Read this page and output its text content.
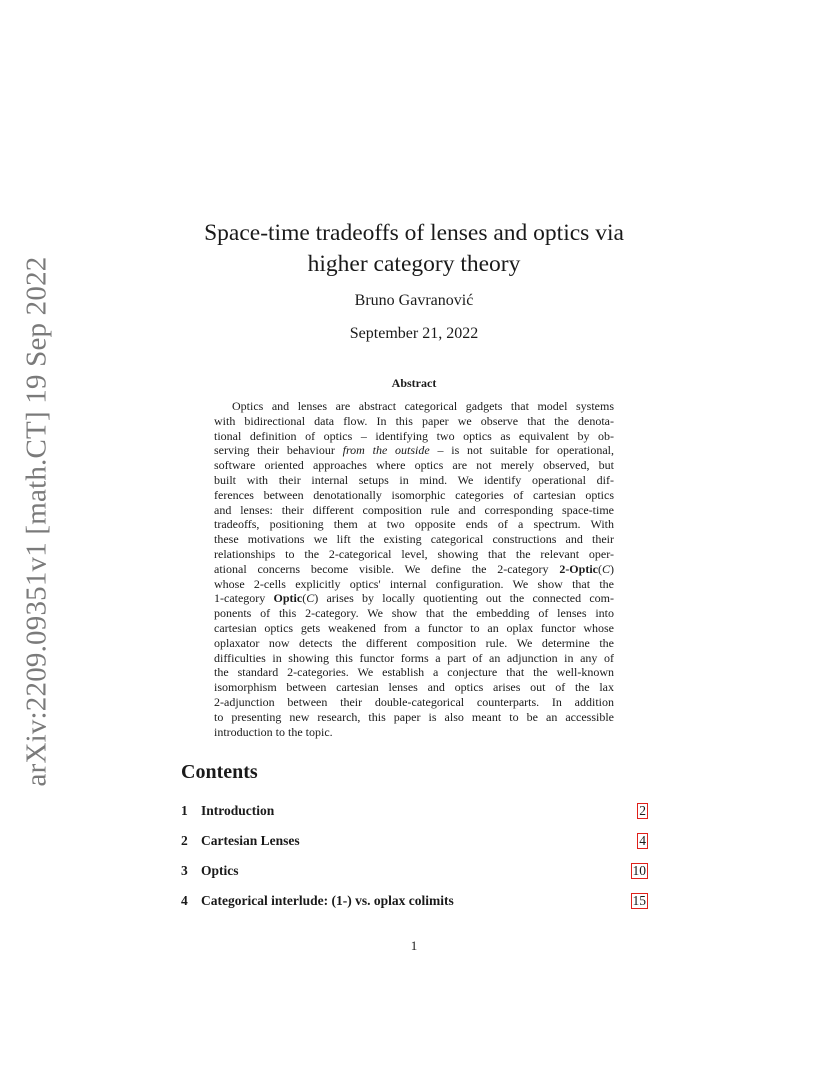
arXiv:2209.09351v1 [math.CT] 19 Sep 2022
Space-time tradeoffs of lenses and optics via
higher category theory
Bruno Gavranović
September 21, 2022
Abstract
Optics and lenses are abstract categorical gadgets that model systems
with bidirectional data flow. In this paper we observe that the denota-
tional definition of optics – identifying two optics as equivalent by ob-
serving their behaviour from the outside – is not suitable for operational,
software oriented approaches where optics are not merely observed, but
built with their internal setups in mind. We identify operational dif-
ferences between denotationally isomorphic categories of cartesian optics
and lenses: their different composition rule and corresponding space-time
tradeoffs, positioning them at two opposite ends of a spectrum. With
these motivations we lift the existing categorical constructions and their
relationships to the 2-categorical level, showing that the relevant oper-
ational concerns become visible. We define the 2-category 2-Optic(C)
whose 2-cells explicitly optics' internal configuration. We show that the
1-category Optic(C) arises by locally quotienting out the connected com-
ponents of this 2-category. We show that the embedding of lenses into
cartesian optics gets weakened from a functor to an oplax functor whose
oplaxator now detects the different composition rule. We determine the
difficulties in showing this functor forms a part of an adjunction in any of
the standard 2-categories. We establish a conjecture that the well-known
isomorphism between cartesian lenses and optics arises out of the lax
2-adjunction between their double-categorical counterparts. In addition
to presenting new research, this paper is also meant to be an accessible
introduction to the topic.
Contents
1 Introduction	2
2 Cartesian Lenses	4
3 Optics	10
4 Categorical interlude: (1-) vs. oplax colimits	15
1
